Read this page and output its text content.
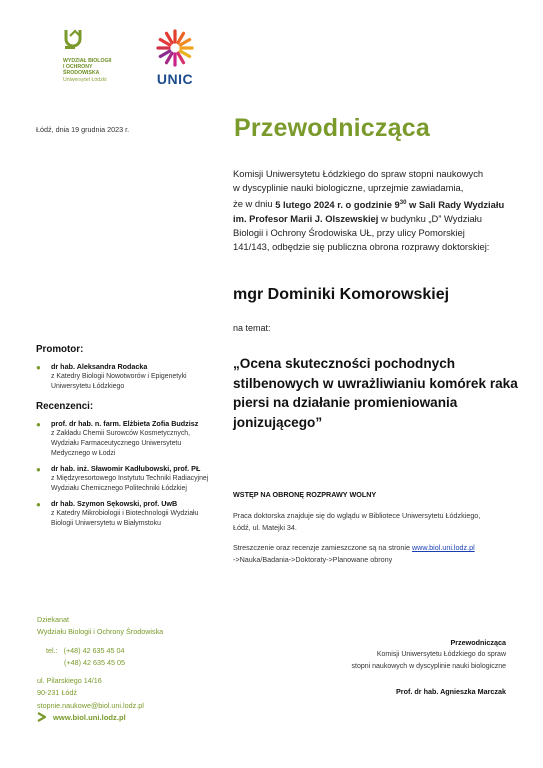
WYDZIAŁ BIOLOGII
I OCHRONY
ŚRODOWISKA
Uniwersytet Łódzki	UNIC
Łódź, dnia 19 grudnia 2023 r.	Przewodnicząca
Komisji Uniwersytetu Łódzkiego do spraw stopni naukowych
w dyscyplinie nauki biologiczne, uprzejmie zawiadamia,
że w dniu 5 lutego 2024 r. o godzinie $9^{30}$ w Sali Rady Wydziału
im. Profesor Marii J. Olszewskiej w budynku „D” Wydziału
Biologii i Ochrony Środowiska UŁ, przy ulicy Pomorskiej
141/143, odbędzie się publiczna obrona rozprawy doktorskiej:
mgr Dominiki Komorowskiej
na temat:
„Ocena skuteczności pochodnych
stilbenowych w uwrażliwianiu komórek raka
piersi na działanie promieniowania
jonizującego”
Promotor:
● dr hab. Aleksandra Rodacka
z Katedry Biologii Nowotworów i Epigenetyki
Uniwersytetu Łódzkiego
Recenzenci:
● prof. dr hab. n. farm. Elżbieta Zofia Budzisz
z Zakładu Chemii Surowców Kosmetycznych,
Wydziału Farmaceutycznego Uniwersytetu
Medycznego w Łodzi
● dr hab. inż. Sławomir Kadłubowski, prof. PŁ
z Międzyresortowego Instytutu Techniki Radiacyjnej
Wydziału Chemicznego Politechniki Łódzkiej
● dr hab. Szymon Sękowski, prof. UwB
z Katedry Mikrobiologii i Biotechnologii Wydziału
Biologii Uniwersytetu w Białymstoku
WSTĘP NA OBRONĘ ROZPRAWY WOLNY

Praca doktorska znajduje się do wglądu w Bibliotece Uniwersytetu Łódzkiego,
Łódź, ul. Matejki 34.

Streszczenie oraz recenzje zamieszczone są na stronie www.biol.uni.lodz.pl
->Nauka/Badania->Doktoraty->Planowane obrony

Dziekanat
Wydziału Biologii i Ochrony Środowiska
tel.: (+48) 42 635 45 04
(+48) 42 635 45 05
ul. Pilarskiego 14/16
90-231 Łódź
stopnie.naukowe@biol.uni.lodz.pl
www.biol.uni.lodz.pl
Przewodnicząca
Komisji Uniwersytetu Łódzkiego do spraw
stopni naukowych w dyscyplinie nauki biologiczne
Prof. dr hab. Agnieszka Marczak
